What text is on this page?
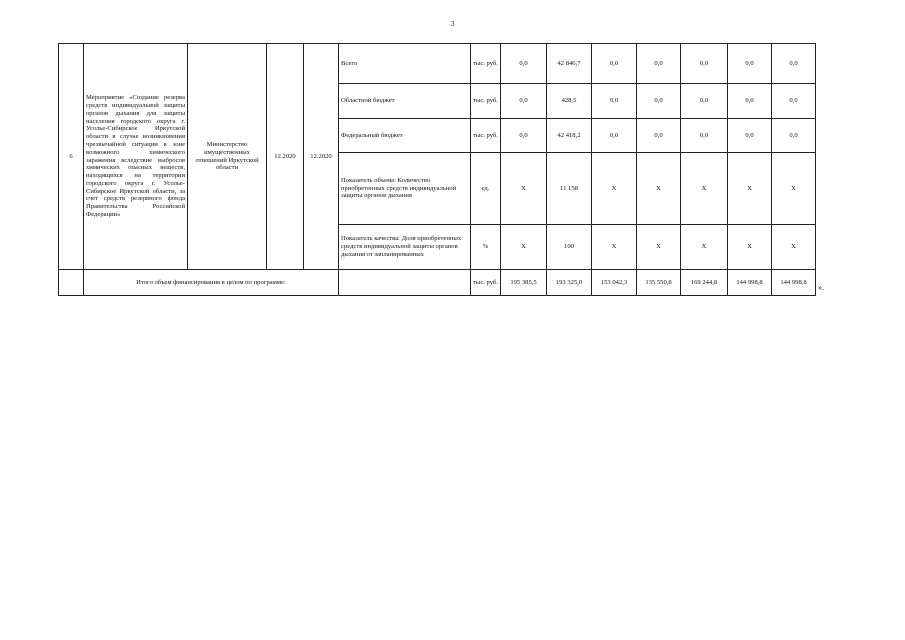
3
6	Мероприятие «Создание резерва средств индивидуальной защиты органов дыхания для защиты населения городского округа г. Усолье-Сибирское Иркутской области в случае возникновения чрезвычайной ситуации в зоне возможного химического заражения вследствие выбросов химических опасных веществ, находящихся на территории городского округа г. Усолье-Сибирское Иркутской области, за счет средств резервного фонда Правительства Российской Федерации»	Министерство имущественных отношений Иркутской области	12.2020	12.2020	Всего	тыс. руб.	0,0	42 846,7	0,0	0,0	0,0	0,0	0,0
					Областной бюджет	тыс. руб.	0,0	428,5	0,0	0,0	0,0	0,0	0,0
					Федеральный бюджет	тыс. руб.	0,0	42 418,2	0,0	0,0	0,0	0,0	0,0
					Показатель объема: Количество приобретенных средств индивидуальной защиты органов дыхания	ед.	Х	11 158	Х	Х	Х	Х	Х
					Показатель качества: Доля приобретенных средств индивидуальной защиты органов дыхания от запланированных	%	Х	100	Х	Х	Х	Х	Х
	Итого объем финансирования в целом по программе:					тыс. руб.	195 385,5	193 325,0	153 042,3	135 550,8	169 244,8	144 998,8	144 998,8
».
